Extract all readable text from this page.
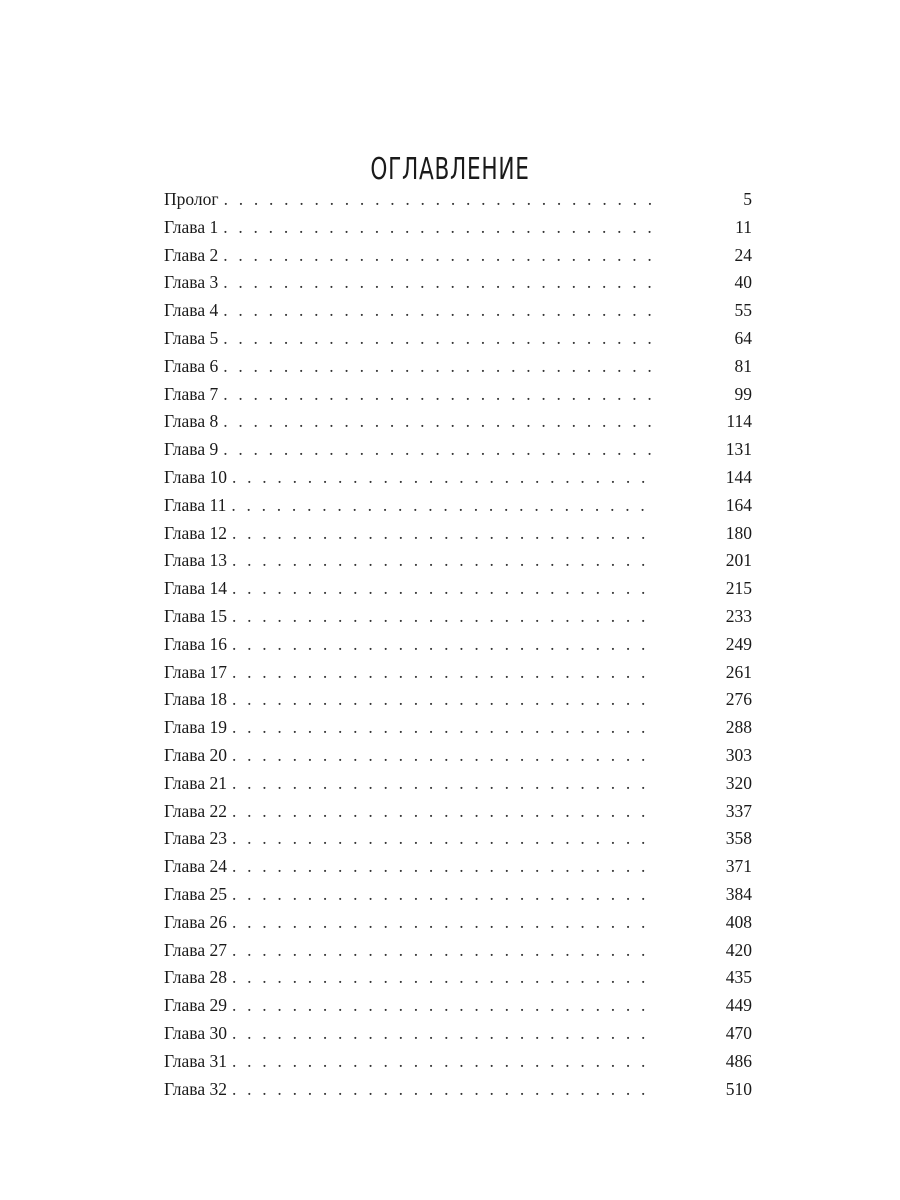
ОГЛАВЛЕНИЕ
Пролог . . .	5
Глава 1 . . .	11
Глава 2 . . .	24
Глава 3 . . .	40
Глава 4 . . .	55
Глава 5 . . .	64
Глава 6 . . .	81
Глава 7 . . .	99
Глава 8 . . .	114
Глава 9 . . .	131
Глава 10 . . .	144
Глава 11 . . .	164
Глава 12 . . .	180
Глава 13 . . .	201
Глава 14 . . .	215
Глава 15 . . .	233
Глава 16 . . .	249
Глава 17 . . .	261
Глава 18 . . .	276
Глава 19 . . .	288
Глава 20 . . .	303
Глава 21 . . .	320
Глава 22 . . .	337
Глава 23 . . .	358
Глава 24 . . .	371
Глава 25 . . .	384
Глава 26 . . .	408
Глава 27 . . .	420
Глава 28 . . .	435
Глава 29 . . .	449
Глава 30 . . .	470
Глава 31 . . .	486
Глава 32 . . .	510
